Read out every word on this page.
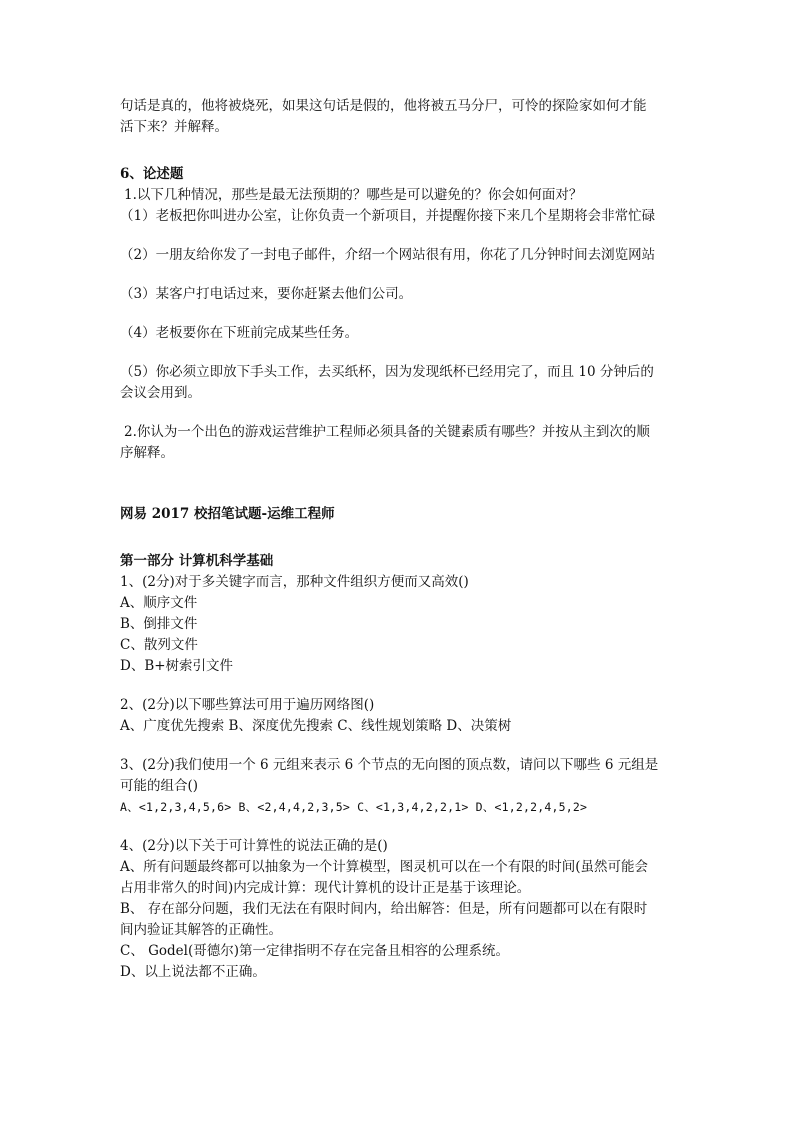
句话是真的，他将被烧死，如果这句话是假的，他将被五马分尸，可怜的探险家如何才能

活下来？并解释。

6、论述题

1.以下几种情况，那些是最无法预期的？哪些是可以避免的？你会如何面对？

（1）老板把你叫进办公室，让你负责一个新项目，并提醒你接下来几个星期将会非常忙碌

（2）一朋友给你发了一封电子邮件，介绍一个网站很有用，你花了几分钟时间去浏览网站

（3）某客户打电话过来，要你赶紧去他们公司。

（4）老板要你在下班前完成某些任务。

（5）你必须立即放下手头工作，去买纸杯，因为发现纸杯已经用完了，而且 10 分钟后的

会议会用到。

2.你认为一个出色的游戏运营维护工程师必须具备的关键素质有哪些？并按从主到次的顺

序解释。

网易 2017 校招笔试题-运维工程师

第一部分 计算机科学基础

1、(2分)对于多关键字而言，那种文件组织方便而又高效()

A、顺序文件

B、倒排文件

C、散列文件

D、B+树索引文件

2、(2分)以下哪些算法可用于遍历网络图()

A、广度优先搜索 B、深度优先搜索 C、线性规划策略 D、决策树

3、(2分)我们使用一个 6 元组来表示 6 个节点的无向图的顶点数，请问以下哪些 6 元组是

可能的组合()

A、<1,2,3,4,5,6> B、<2,4,4,2,3,5> C、<1,3,4,2,2,1> D、<1,2,2,4,5,2>

4、(2分)以下关于可计算性的说法正确的是()

A、所有问题最终都可以抽象为一个计算模型，图灵机可以在一个有限的时间(虽然可能会

占用非常久的时间)内完成计算：现代计算机的设计正是基于该理论。

B、 存在部分问题，我们无法在有限时间内，给出解答：但是，所有问题都可以在有限时

间内验证其解答的正确性。

C、 Godel(哥德尔)第一定律指明不存在完备且相容的公理系统。

D、以上说法都不正确。
